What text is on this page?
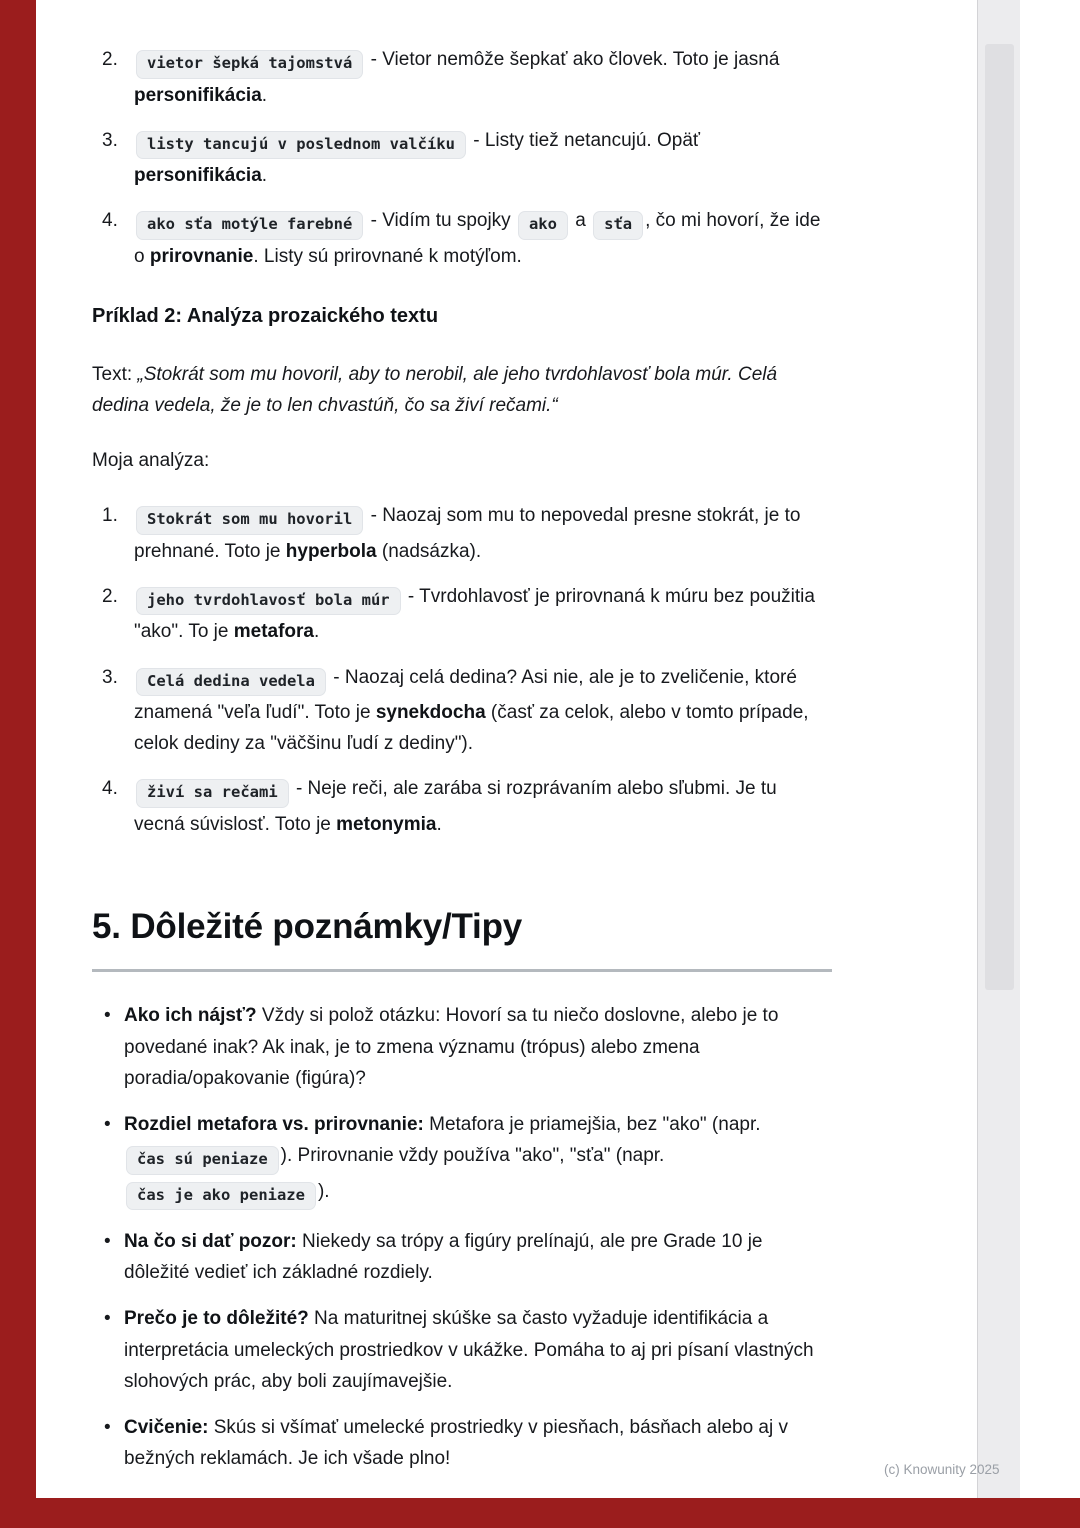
2.	vietor šepká tajomstvá - Vietor nemôže šepkať ako človek. Toto je jasná personifikácia.
3.	listy tancujú v poslednom valčíku - Listy tiež netancujú. Opäť personifikácia.
4.	ako sťa motýle farebné - Vidím tu spojky ako a sťa , čo mi hovorí, že ide o prirovnanie. Listy sú prirovnané k motýľom.
Príklad 2: Analýza prozaického textu

Text: „Stokrát som mu hovoril, aby to nerobil, ale jeho tvrdohlavosť bola múr. Celá dedina vedela, že je to len chvastúň, čo sa živí rečami.“

Moja analýza:

1.	Stokrát som mu hovoril - Naozaj som mu to nepovedal presne stokrát, je to prehnané. Toto je hyperbola (nadsázka).
2.	jeho tvrdohlavosť bola múr - Tvrdohlavosť je prirovnaná k múru bez použitia "ako". To je metafora.
3.	Celá dedina vedela - Naozaj celá dedina? Asi nie, ale je to zveličenie, ktoré znamená "veľa ľudí". Toto je synekdocha (časť za celok, alebo v tomto prípade, celok dediny za "väčšinu ľudí z dediny").
4.	živí sa rečami - Neje reči, ale zarába si rozprávaním alebo sľubmi. Je tu vecná súvislosť. Toto je metonymia.
5. Dôležité poznámky/Tipy
• Ako ich nájsť? Vždy si polož otázku: Hovorí sa tu niečo doslovne, alebo je to povedané inak? Ak inak, je to zmena významu (trópus) alebo zmena poradia/opakovanie (figúra)?
• Rozdiel metafora vs. prirovnanie: Metafora je priamejšia, bez "ako" (napr. čas sú peniaze ). Prirovnanie vždy používa "ako", "sťa" (napr. čas je ako peniaze ).
• Na čo si dať pozor: Niekedy sa trópy a figúry prelínajú, ale pre Grade 10 je dôležité vedieť ich základné rozdiely.
• Prečo je to dôležité? Na maturitnej skúške sa často vyžaduje identifikácia a interpretácia umeleckých prostriedkov v ukážke. Pomáha to aj pri písaní vlastných slohových prác, aby boli zaujímavejšie.
• Cvičenie: Skús si všímať umelecké prostriedky v piesňach, básňach alebo aj v bežných reklamách. Je ich všade plno!
(c) Knowunity 2025
